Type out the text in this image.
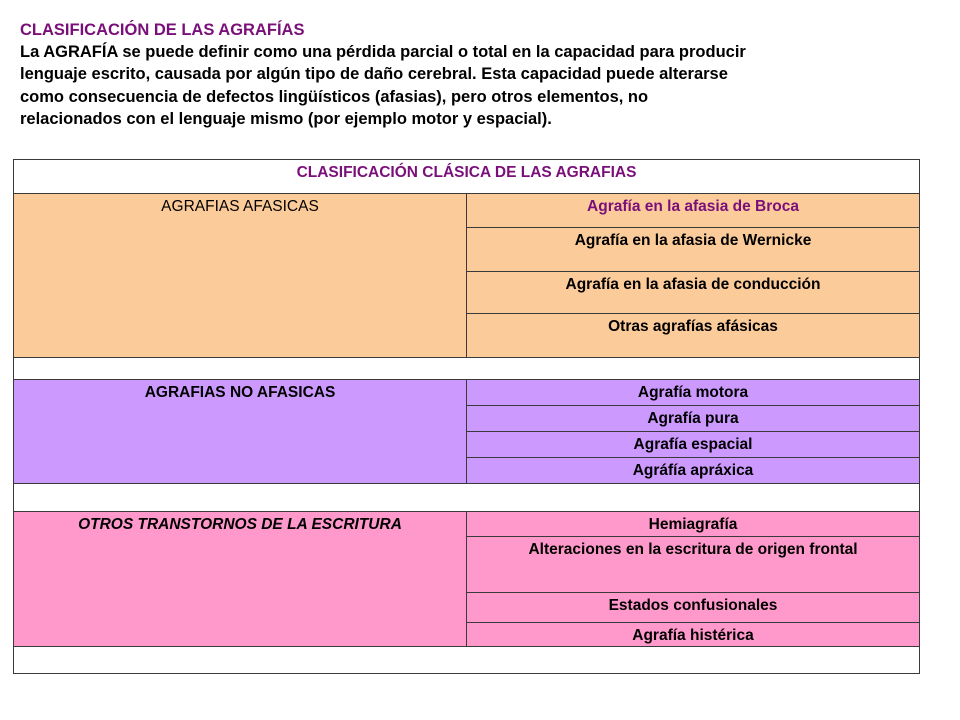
CLASIFICACIÓN DE LAS AGRAFÍAS
La AGRAFÍA se puede definir como una pérdida parcial o total en la capacidad para producir
lenguaje escrito, causada por algún tipo de daño cerebral. Esta capacidad puede alterarse
como consecuencia de defectos lingüísticos (afasias), pero otros elementos, no
relacionados con el lenguaje mismo (por ejemplo motor y espacial).
CLASIFICACIÓN CLÁSICA DE LAS AGRAFIAS	
AGRAFIAS AFASICAS	Agrafía en la afasia de Broca
	Agrafía en la afasia de Wernicke
	Agrafía en la afasia de conducción
	Otras agrafías afásicas

AGRAFIAS NO AFASICAS	Agrafía motora
	Agrafía pura
	Agrafía espacial
	Agráfía apráxica

OTROS TRANSTORNOS DE LA ESCRITURA	Hemiagrafía
	Alteraciones en la escritura de origen frontal
	Estados confusionales
	Agrafía histérica
